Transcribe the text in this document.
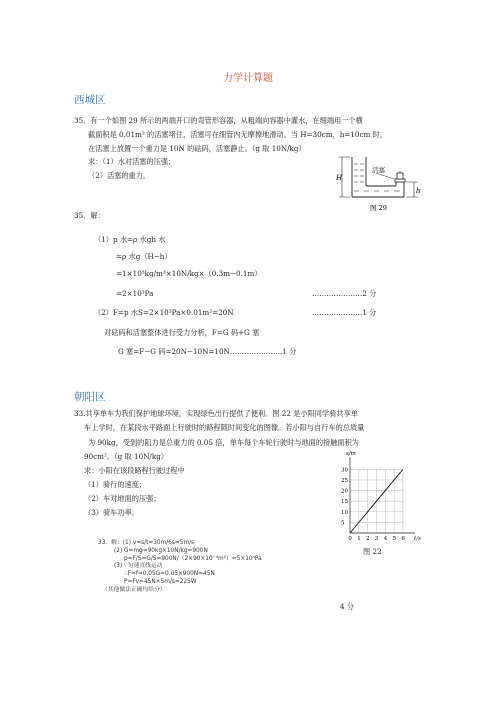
力学计算题
西城区
35．有一个如图 29 所示的两端开口的弯管形容器，从粗端向容器中灌水，在细端用一个横
截面积是 0.01m² 的活塞堵住，活塞可在细管内无摩擦地滑动。当 H=30cm，h=10cm 时，
在活塞上放置一个重力是 10N 的砝码，活塞静止。（g 取 10N/kg）
求：（1）水对活塞的压强；
（2）活塞的重力。	H
h
活塞
图 29
35．解：
（1）p 水=ρ 水gh 水
=ρ 水g（H−h）
=1×10³kg/m³×10N/kg×（0.3m−0.1m）
=2×10³Pa	…………………2 分
（2）F=p 水S=2×10³Pa×0.01m²=20N	…………………1 分
对砝码和活塞整体进行受力分析，F=G 码+G 塞
G 塞=F−G 码=20N−10N=10N………………….1 分
朝阳区
33.共享单车为我们保护地球环境，实现绿色出行提供了便利。图 22 是小阳同学骑共享单
车上学时，在某段水平路面上行驶时的路程随时间变化的图像。若小阳与自行车的总质量
为 90kg，受到的阻力是总重力的 0.05 倍，单车每个车轮行驶时与地面的接触面积为
90cm²。（g 取 10N/kg）
求：小阳在该段路程行驶过程中
（1）骑行的速度；
（2）车对地面的压强；
（3）骑车功率。
0 1 2 3 4 5 6
5
10
15
20
25
30
s/m
t/s
图 22
33．解：(1) v=s/t=30m/6s=5m/s
(2) G=mg=90kg×10N/kg=900N
p=F/S=G/S=900N/（2×90×10⁻⁴m²）=5×10⁴Pa
(3) ∵匀速直线运动
∴F=f=0.05G=0.05×900N=45N
P=Fv=45N×5m/s=225W
（其他做法正确均给分）
4 分
